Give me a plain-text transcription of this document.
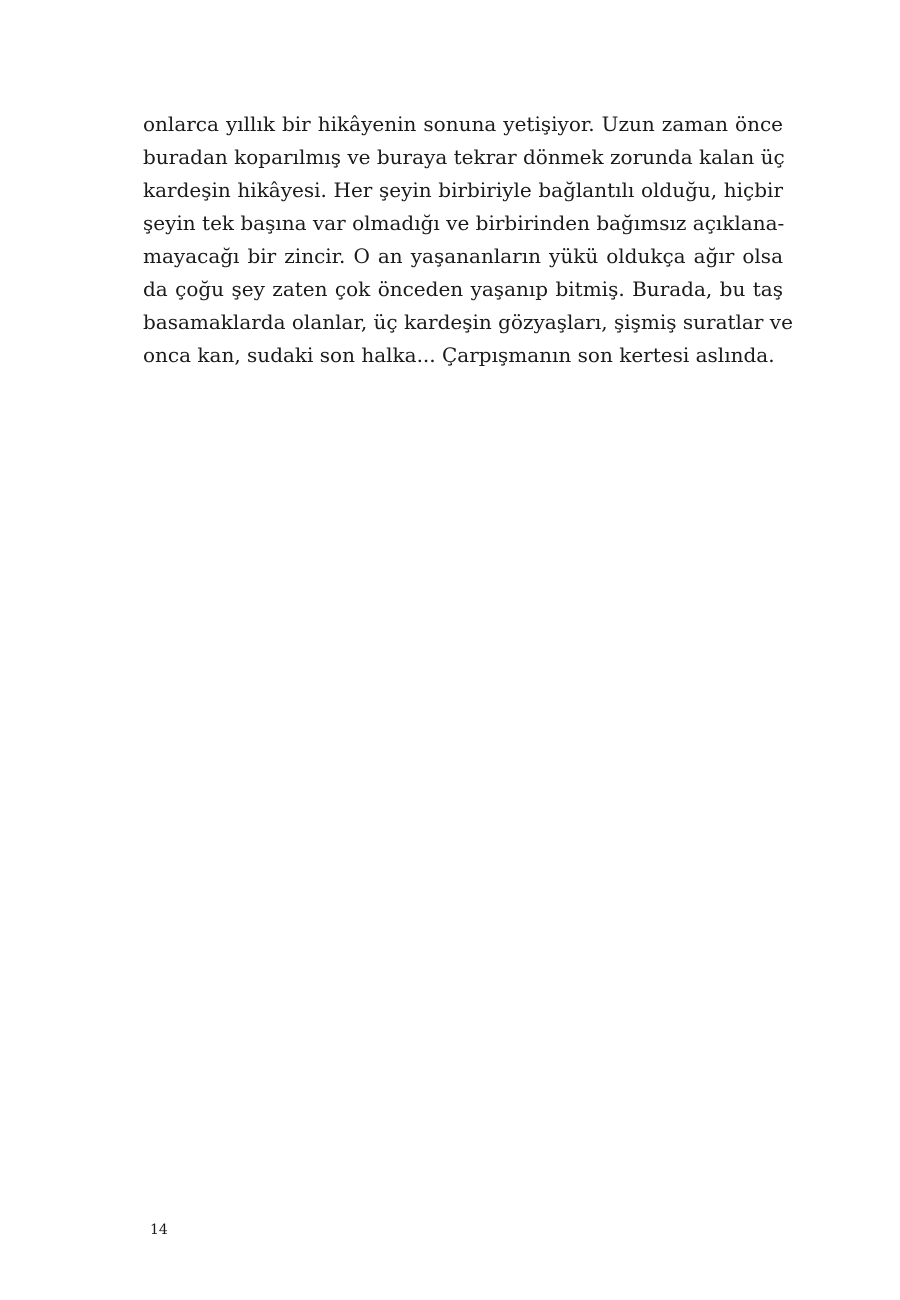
onlarca yıllık bir hikâyenin sonuna yetişiyor. Uzun zaman önce
buradan koparılmış ve buraya tekrar dönmek zorunda kalan üç
kardeşin hikâyesi. Her şeyin birbiriyle bağlantılı olduğu, hiçbir
şeyin tek başına var olmadığı ve birbirinden bağımsız açıklana-
mayacağı bir zincir. O an yaşananların yükü oldukça ağır olsa
da çoğu şey zaten çok önceden yaşanıp bitmiş. Burada, bu taş
basamaklarda olanlar, üç kardeşin gözyaşları, şişmiş suratlar ve
onca kan, sudaki son halka... Çarpışmanın son kertesi aslında.

14
